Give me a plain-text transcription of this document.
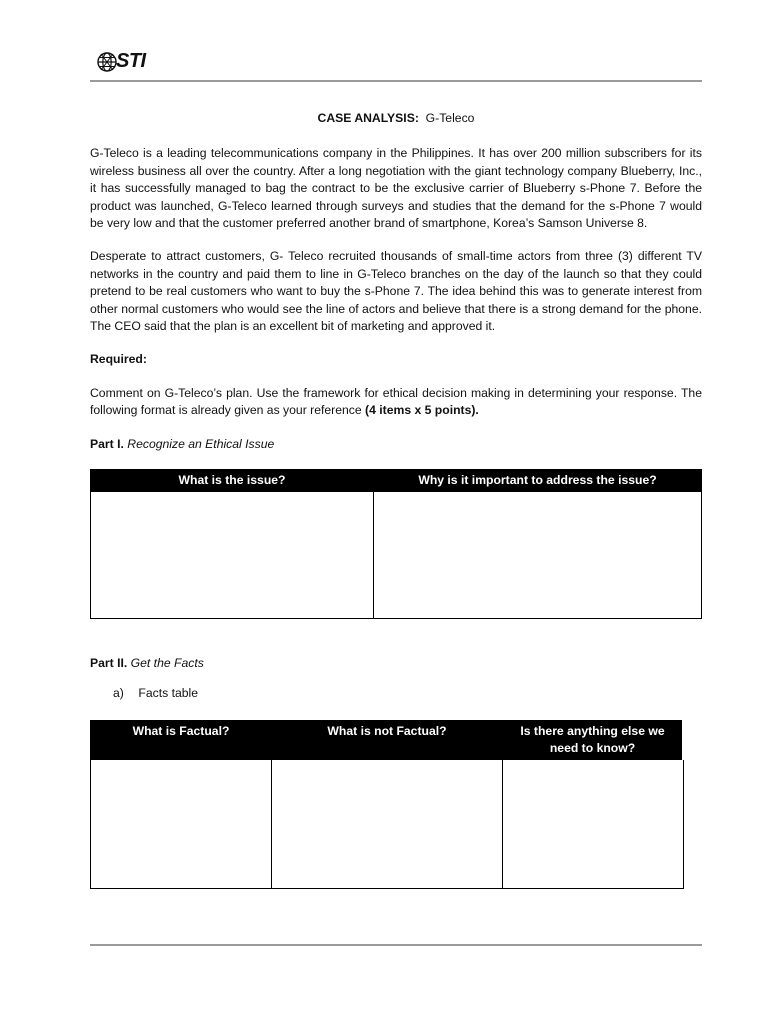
STI
CASE ANALYSIS: G-Teleco

G-Teleco is a leading telecommunications company in the Philippines. It has over 200 million subscribers for its wireless business all over the country. After a long negotiation with the giant technology company Blueberry, Inc., it has successfully managed to bag the contract to be the exclusive carrier of Blueberry s-Phone 7. Before the product was launched, G-Teleco learned through surveys and studies that the demand for the s-Phone 7 would be very low and that the customer preferred another brand of smartphone, Korea’s Samson Universe 8.

Desperate to attract customers, G- Teleco recruited thousands of small-time actors from three (3) different TV networks in the country and paid them to line in G-Teleco branches on the day of the launch so that they could pretend to be real customers who want to buy the s-Phone 7. The idea behind this was to generate interest from other normal customers who would see the line of actors and believe that there is a strong demand for the phone. The CEO said that the plan is an excellent bit of marketing and approved it.

Required:

Comment on G-Teleco’s plan. Use the framework for ethical decision making in determining your response. The following format is already given as your reference (4 items x 5 points).

Part I. Recognize an Ethical Issue
What is the issue?	Why is it important to address the issue?

Part II. Get the Facts
a) Facts table
What is Factual?	What is not Factual?	Is there anything else we need to know?
